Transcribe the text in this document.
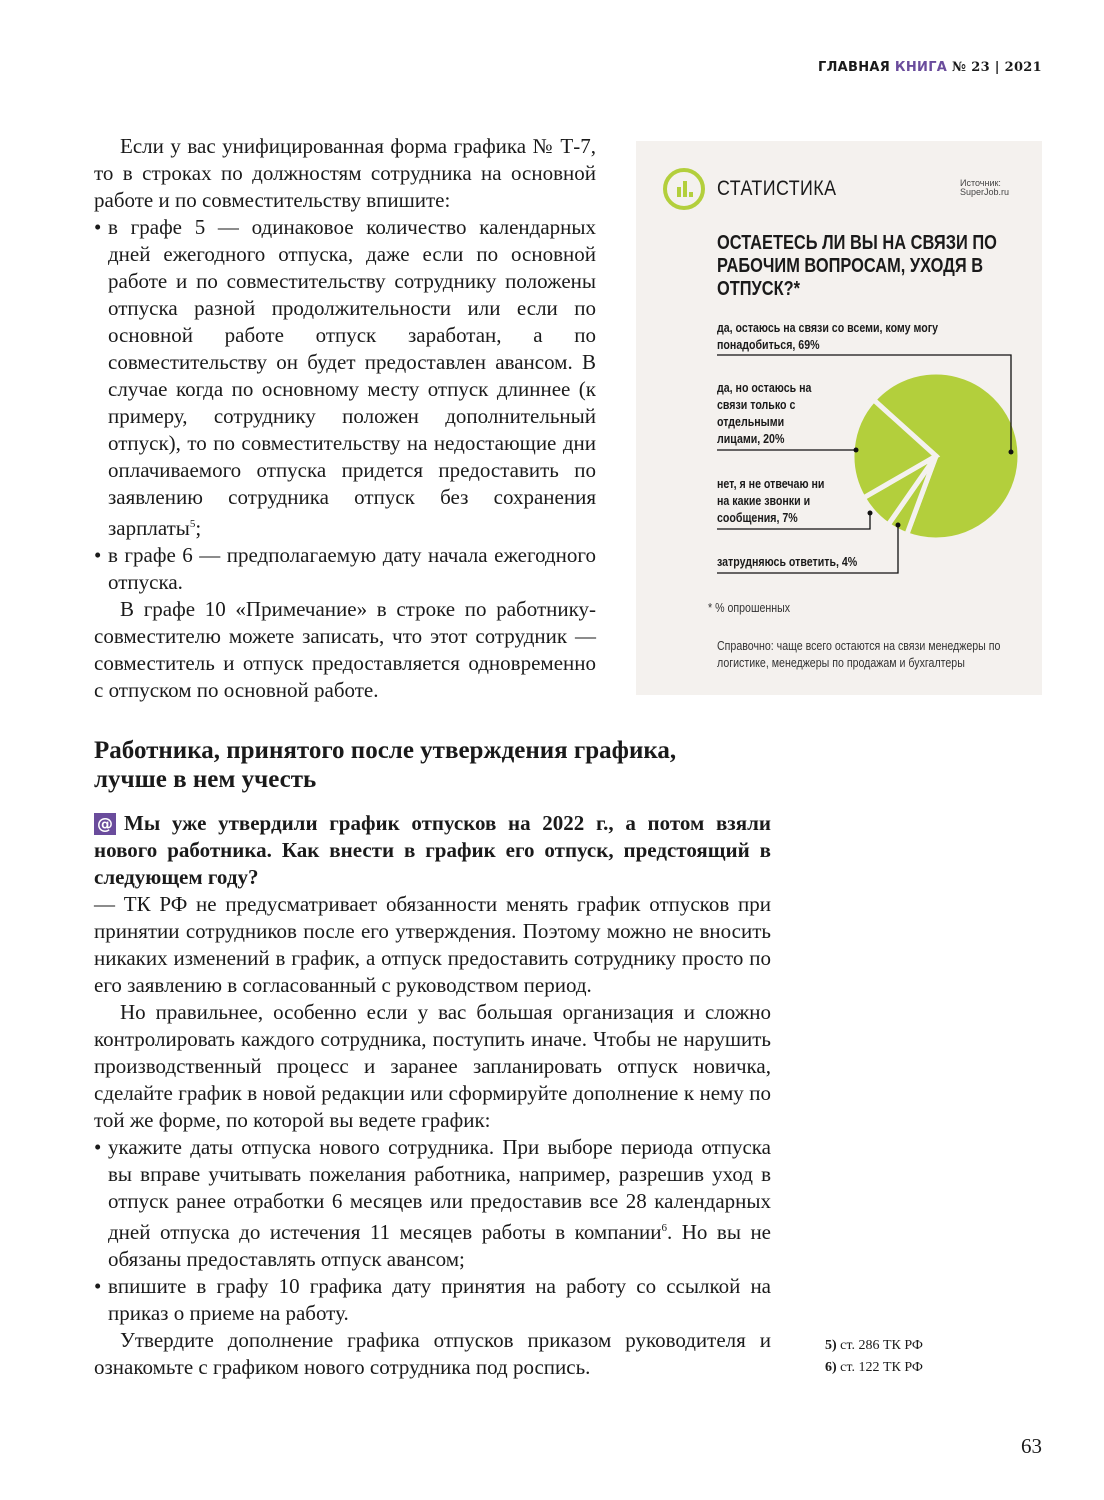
ГЛАВНАЯ КНИГА № 23 | 2021

Если у вас унифицированная форма графика № Т-7, то в строках по должностям сотрудника на основной работе и по совместительству впишите:

• в графе 5 — одинаковое количество календарных дней ежегодного отпуска, даже если по основной работе и по совместительству сотруднику положены отпуска разной продолжительности или если по основной работе отпуск заработан, а по совместительству он будет предоставлен авансом. В случае когда по основному месту отпуск длиннее (к примеру, сотруднику положен дополнительный отпуск), то по совместительству на недостающие дни оплачиваемого отпуска придется предоставить по заявлению сотрудника отпуск без сохранения зарплаты$^5$;
• в графе 6 — предполагаемую дату начала ежегодного отпуска.

В графе 10 «Примечание» в строке по работнику-совместителю можете записать, что этот сотрудник — совместитель и отпуск предоставляется одновременно с отпуском по основной работе.

СТАТИСТИКА	Источник: SuperJob.ru
ОСТАЕТЕСЬ ЛИ ВЫ НА СВЯЗИ ПО РАБОЧИМ ВОПРОСАМ, УХОДЯ В ОТПУСК?*
да, остаюсь на связи со всеми, кому могу понадобиться, 69%
да, но остаюсь на связи только с отдельными лицами, 20%
нет, я не отвечаю ни на какие звонки и сообщения, 7%
затрудняюсь ответить, 4%
* % опрошенных
Справочно: чаще всего остаются на связи менеджеры по логистике, менеджеры по продажам и бухгалтеры
Работника, принятого после утверждения графика, лучше в нем учесть

@ Мы уже утвердили график отпусков на 2022 г., а потом взяли нового работника. Как внести в график его отпуск, предстоящий в следующем году?

— ТК РФ не предусматривает обязанности менять график отпусков при принятии сотрудников после его утверждения. Поэтому можно не вносить никаких изменений в график, а отпуск предоставить сотруднику просто по его заявлению в согласованный с руководством период.

Но правильнее, особенно если у вас большая организация и сложно контролировать каждого сотрудника, поступить иначе. Чтобы не нарушить производственный процесс и заранее запланировать отпуск новичка, сделайте график в новой редакции или сформируйте дополнение к нему по той же форме, по которой вы ведете график:

• укажите даты отпуска нового сотрудника. При выборе периода отпуска вы вправе учитывать пожелания работника, например, разрешив уход в отпуск ранее отработки 6 месяцев или предоставив все 28 календарных дней отпуска до истечения 11 месяцев работы в компании$^6$. Но вы не обязаны предоставлять отпуск авансом;
• впишите в графу 10 графика дату принятия на работу со ссылкой на приказ о приеме на работу.

Утвердите дополнение графика отпусков приказом руководителя и ознакомьте с графиком нового сотрудника под роспись.

5) ст. 286 ТК РФ
6) ст. 122 ТК РФ
63
